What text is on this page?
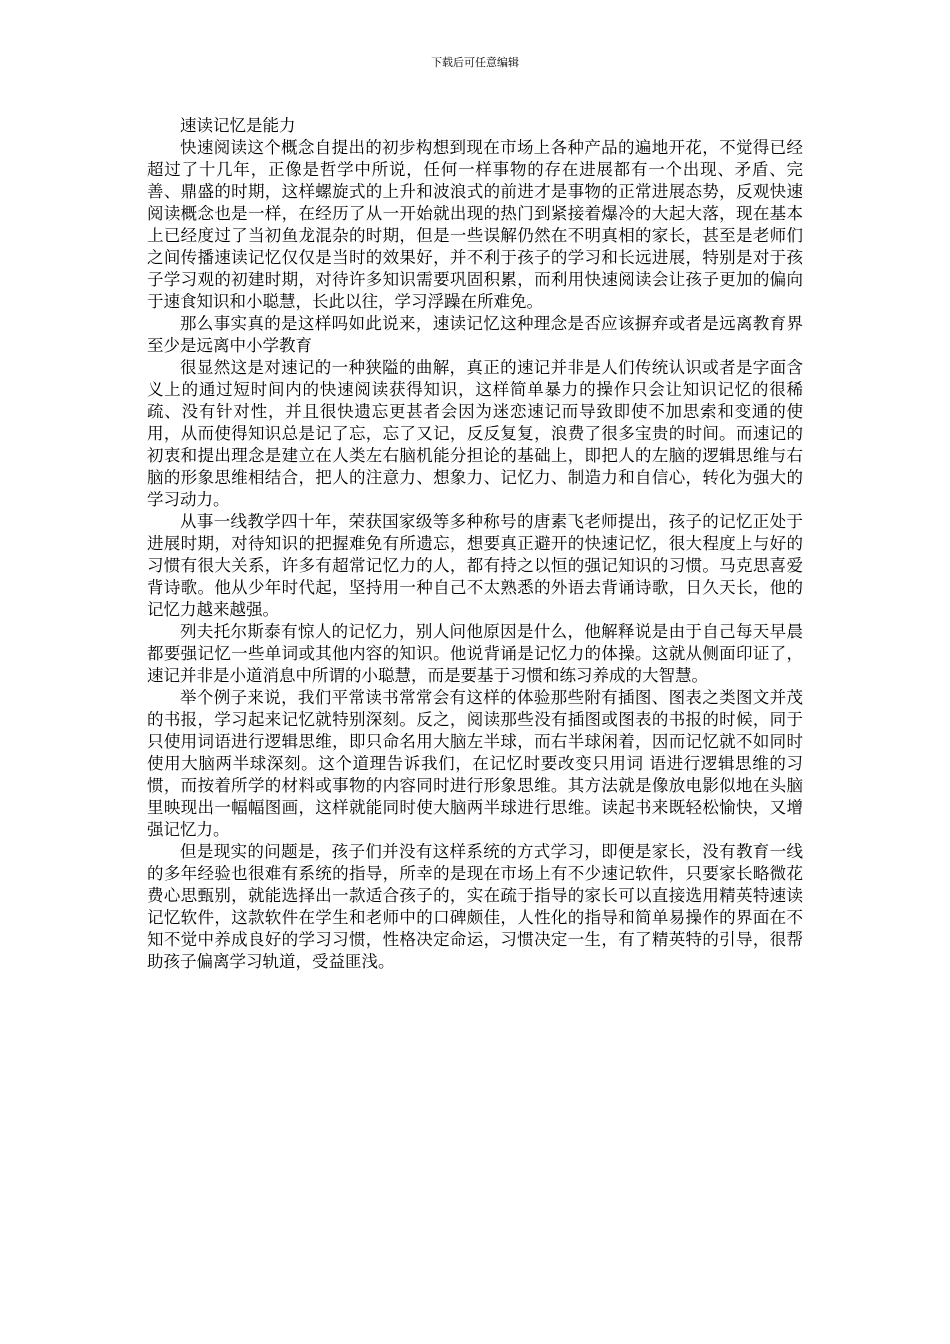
下载后可任意编辑

速读记忆是能力

快速阅读这个概念自提出的初步构想到现在市场上各种产品的遍地开花，不觉得已经超过了十几年，正像是哲学中所说，任何一样事物的存在进展都有一个出现、矛盾、完善、鼎盛的时期，这样螺旋式的上升和波浪式的前进才是事物的正常进展态势，反观快速阅读概念也是一样，在经历了从一开始就出现的热门到紧接着爆冷的大起大落，现在基本上已经度过了当初鱼龙混杂的时期，但是一些误解仍然在不明真相的家长，甚至是老师们之间传播速读记忆仅仅是当时的效果好，并不利于孩子的学习和长远进展，特别是对于孩子学习观的初建时期，对待许多知识需要巩固积累，而利用快速阅读会让孩子更加的偏向于速食知识和小聪慧，长此以往，学习浮躁在所难免。

那么事实真的是这样吗如此说来，速读记忆这种理念是否应该摒弃或者是远离教育界至少是远离中小学教育

很显然这是对速记的一种狭隘的曲解，真正的速记并非是人们传统认识或者是字面含义上的通过短时间内的快速阅读获得知识，这样简单暴力的操作只会让知识记忆的很稀疏、没有针对性，并且很快遗忘更甚者会因为迷恋速记而导致即使不加思索和变通的使用，从而使得知识总是记了忘，忘了又记，反反复复，浪费了很多宝贵的时间。而速记的初衷和提出理念是建立在人类左右脑机能分担论的基础上，即把人的左脑的逻辑思维与右脑的形象思维相结合，把人的注意力、想象力、记忆力、制造力和自信心，转化为强大的学习动力。

从事一线教学四十年，荣获国家级等多种称号的唐素飞老师提出，孩子的记忆正处于进展时期，对待知识的把握难免有所遗忘，想要真正避开的快速记忆，很大程度上与好的习惯有很大关系，许多有超常记忆力的人，都有持之以恒的强记知识的习惯。马克思喜爱背诗歌。他从少年时代起，坚持用一种自己不太熟悉的外语去背诵诗歌，日久天长，他的记忆力越来越强。

列夫托尔斯泰有惊人的记忆力，别人问他原因是什么，他解释说是由于自己每天早晨都要强记忆一些单词或其他内容的知识。他说背诵是记忆力的体操。这就从侧面印证了，速记并非是小道消息中所谓的小聪慧，而是要基于习惯和练习养成的大智慧。

举个例子来说，我们平常读书常常会有这样的体验那些附有插图、图表之类图文并茂的书报，学习起来记忆就特别深刻。反之，阅读那些没有插图或图表的书报的时候，同于只使用词语进行逻辑思维，即只命名用大脑左半球，而右半球闲着，因而记忆就不如同时使用大脑两半球深刻。这个道理告诉我们，在记忆时要改变只用词 语进行逻辑思维的习惯，而按着所学的材料或事物的内容同时进行形象思维。其方法就是像放电影似地在头脑里映现出一幅幅图画，这样就能同时使大脑两半球进行思维。读起书来既轻松愉快，又增强记忆力。

但是现实的问题是，孩子们并没有这样系统的方式学习，即便是家长，没有教育一线的多年经验也很难有系统的指导，所幸的是现在市场上有不少速记软件，只要家长略微花费心思甄别，就能选择出一款适合孩子的，实在疏于指导的家长可以直接选用精英特速读记忆软件，这款软件在学生和老师中的口碑颇佳，人性化的指导和简单易操作的界面在不知不觉中养成良好的学习习惯，性格决定命运，习惯决定一生，有了精英特的引导，很帮助孩子偏离学习轨道，受益匪浅。
